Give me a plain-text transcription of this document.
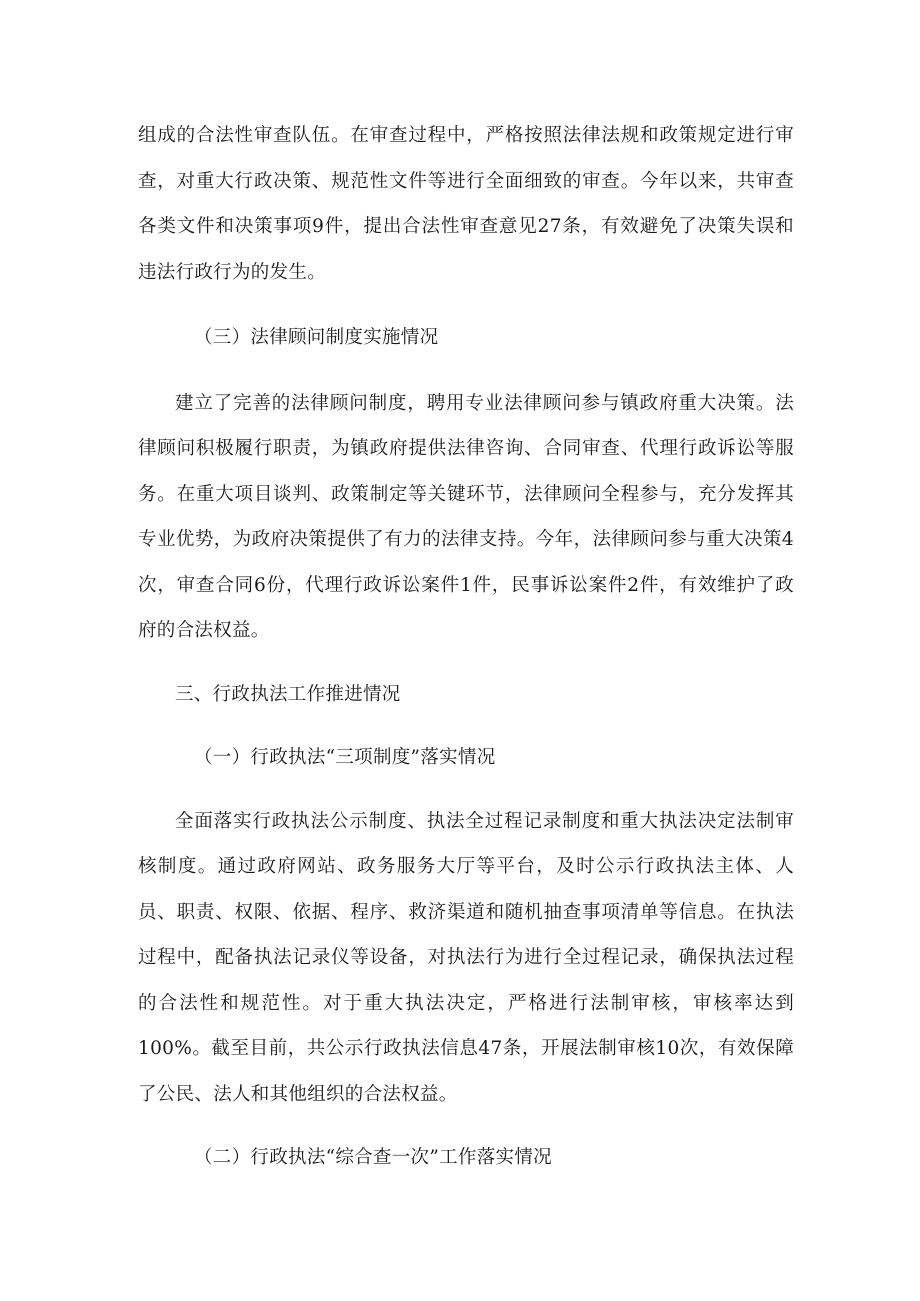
组成的合法性审查队伍。在审查过程中，严格按照法律法规和政策规定进行审查，对重大行政决策、规范性文件等进行全面细致的审查。今年以来，共审查各类文件和决策事项9件，提出合法性审查意见27条，有效避免了决策失误和违法行政行为的发生。

（三）法律顾问制度实施情况

建立了完善的法律顾问制度，聘用专业法律顾问参与镇政府重大决策。法律顾问积极履行职责，为镇政府提供法律咨询、合同审查、代理行政诉讼等服务。在重大项目谈判、政策制定等关键环节，法律顾问全程参与，充分发挥其专业优势，为政府决策提供了有力的法律支持。今年，法律顾问参与重大决策4次，审查合同6份，代理行政诉讼案件1件，民事诉讼案件2件，有效维护了政府的合法权益。

三、行政执法工作推进情况

（一）行政执法“三项制度”落实情况

全面落实行政执法公示制度、执法全过程记录制度和重大执法决定法制审核制度。通过政府网站、政务服务大厅等平台，及时公示行政执法主体、人员、职责、权限、依据、程序、救济渠道和随机抽查事项清单等信息。在执法过程中，配备执法记录仪等设备，对执法行为进行全过程记录，确保执法过程的合法性和规范性。对于重大执法决定，严格进行法制审核，审核率达到100%。截至目前，共公示行政执法信息47条，开展法制审核10次，有效保障了公民、法人和其他组织的合法权益。

（二）行政执法“综合查一次”工作落实情况
